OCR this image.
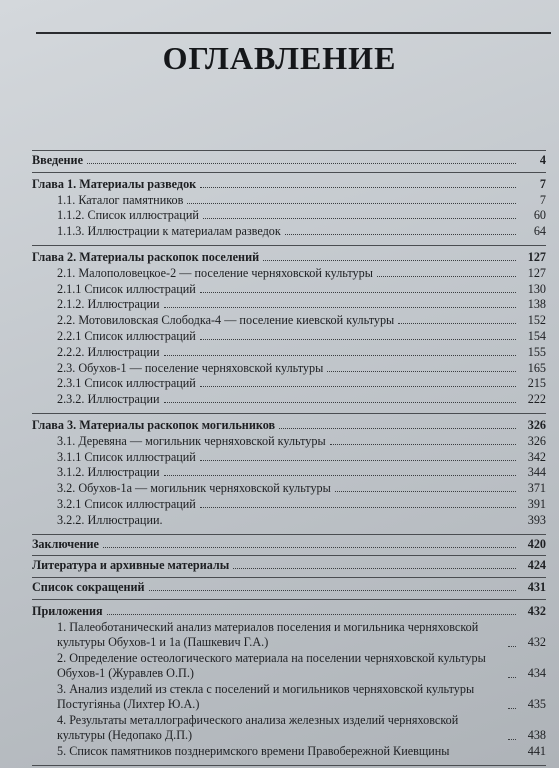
ОГЛАВЛЕНИЕ
Введение	4
Глава 1. Материалы разведок	7
1.1. Каталог памятников	7
1.1.2. Список иллюстраций	60
1.1.3. Иллюстрации к материалам разведок	64
Глава 2. Материалы раскопок поселений	127
2.1. Малополовецкое-2 — поселение черняховской культуры	127
2.1.1 Список иллюстраций	130
2.1.2. Иллюстрации	138
2.2. Мотовиловская Слободка-4 — поселение киевской культуры	152
2.2.1 Список иллюстраций	154
2.2.2. Иллюстрации	155
2.3. Обухов-1 — поселение черняховской культуры	165
2.3.1 Список иллюстраций	215
2.3.2. Иллюстрации	222
Глава 3. Материалы раскопок могильников	326
3.1. Деревяна — могильник черняховской культуры	326
3.1.1 Список иллюстраций	342
3.1.2. Иллюстрации	344
3.2. Обухов-1а — могильник черняховской культуры	371
3.2.1 Список иллюстраций	391
3.2.2. Иллюстрации.	393
Заключение	420
Литература и архивные материалы	424
Список сокращений	431
Приложения	432
1. Палеоботанический анализ материалов поселения и могильника черняховской культуры Обухов-1 и 1а (Пашкевич Г.А.)	432
2. Определение остеологического материала на поселении черняховской культуры Обухов-1 (Журавлев О.П.)	434
3. Анализ изделий из стекла с поселений и могильников черняховской культуры Постугіяньа (Лихтер Ю.А.)	435
4. Результаты металлографического анализа железных изделий черняховской культуры (Недопако Д.П.)	438
5. Список памятников позднеримского времени Правобережной Киевщины	441
